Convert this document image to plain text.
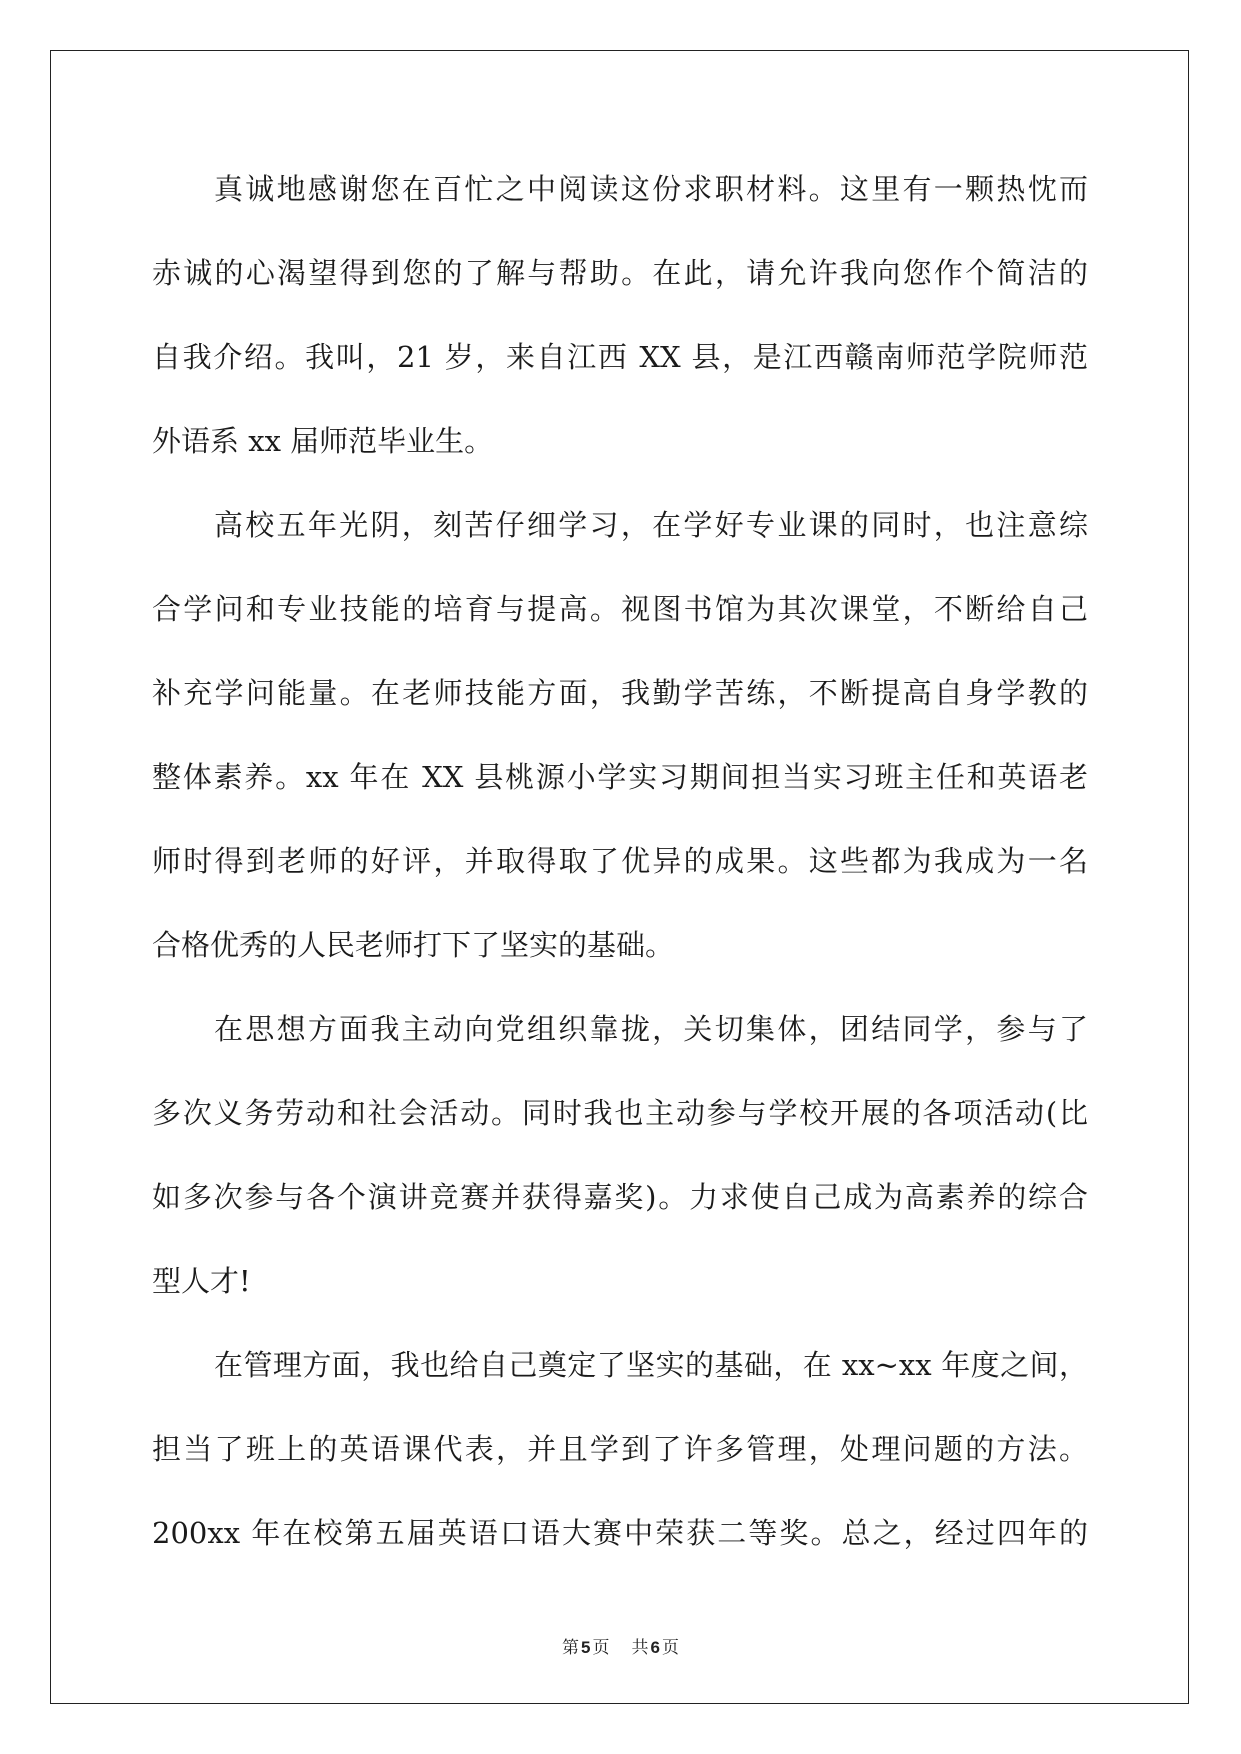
真诚地感谢您在百忙之中阅读这份求职材料。这里有一颗热忱而
赤诚的心渴望得到您的了解与帮助。在此，请允许我向您作个简洁的
自我介绍。我叫，21 岁，来自江西 XX 县，是江西赣南师范学院师范
外语系 xx 届师范毕业生。
高校五年光阴，刻苦仔细学习，在学好专业课的同时，也注意综
合学问和专业技能的培育与提高。视图书馆为其次课堂，不断给自己
补充学问能量。在老师技能方面，我勤学苦练，不断提高自身学教的
整体素养。xx 年在 XX 县桃源小学实习期间担当实习班主任和英语老
师时得到老师的好评，并取得取了优异的成果。这些都为我成为一名
合格优秀的人民老师打下了坚实的基础。
在思想方面我主动向党组织靠拢，关切集体，团结同学，参与了
多次义务劳动和社会活动。同时我也主动参与学校开展的各项活动(比
如多次参与各个演讲竞赛并获得嘉奖)。力求使自己成为高素养的综合
型人才!
在管理方面，我也给自己奠定了坚实的基础，在 xx~xx 年度之间，
担当了班上的英语课代表，并且学到了许多管理，处理问题的方法。
200xx 年在校第五届英语口语大赛中荣获二等奖。总之，经过四年的
第 5 页 共 6 页
